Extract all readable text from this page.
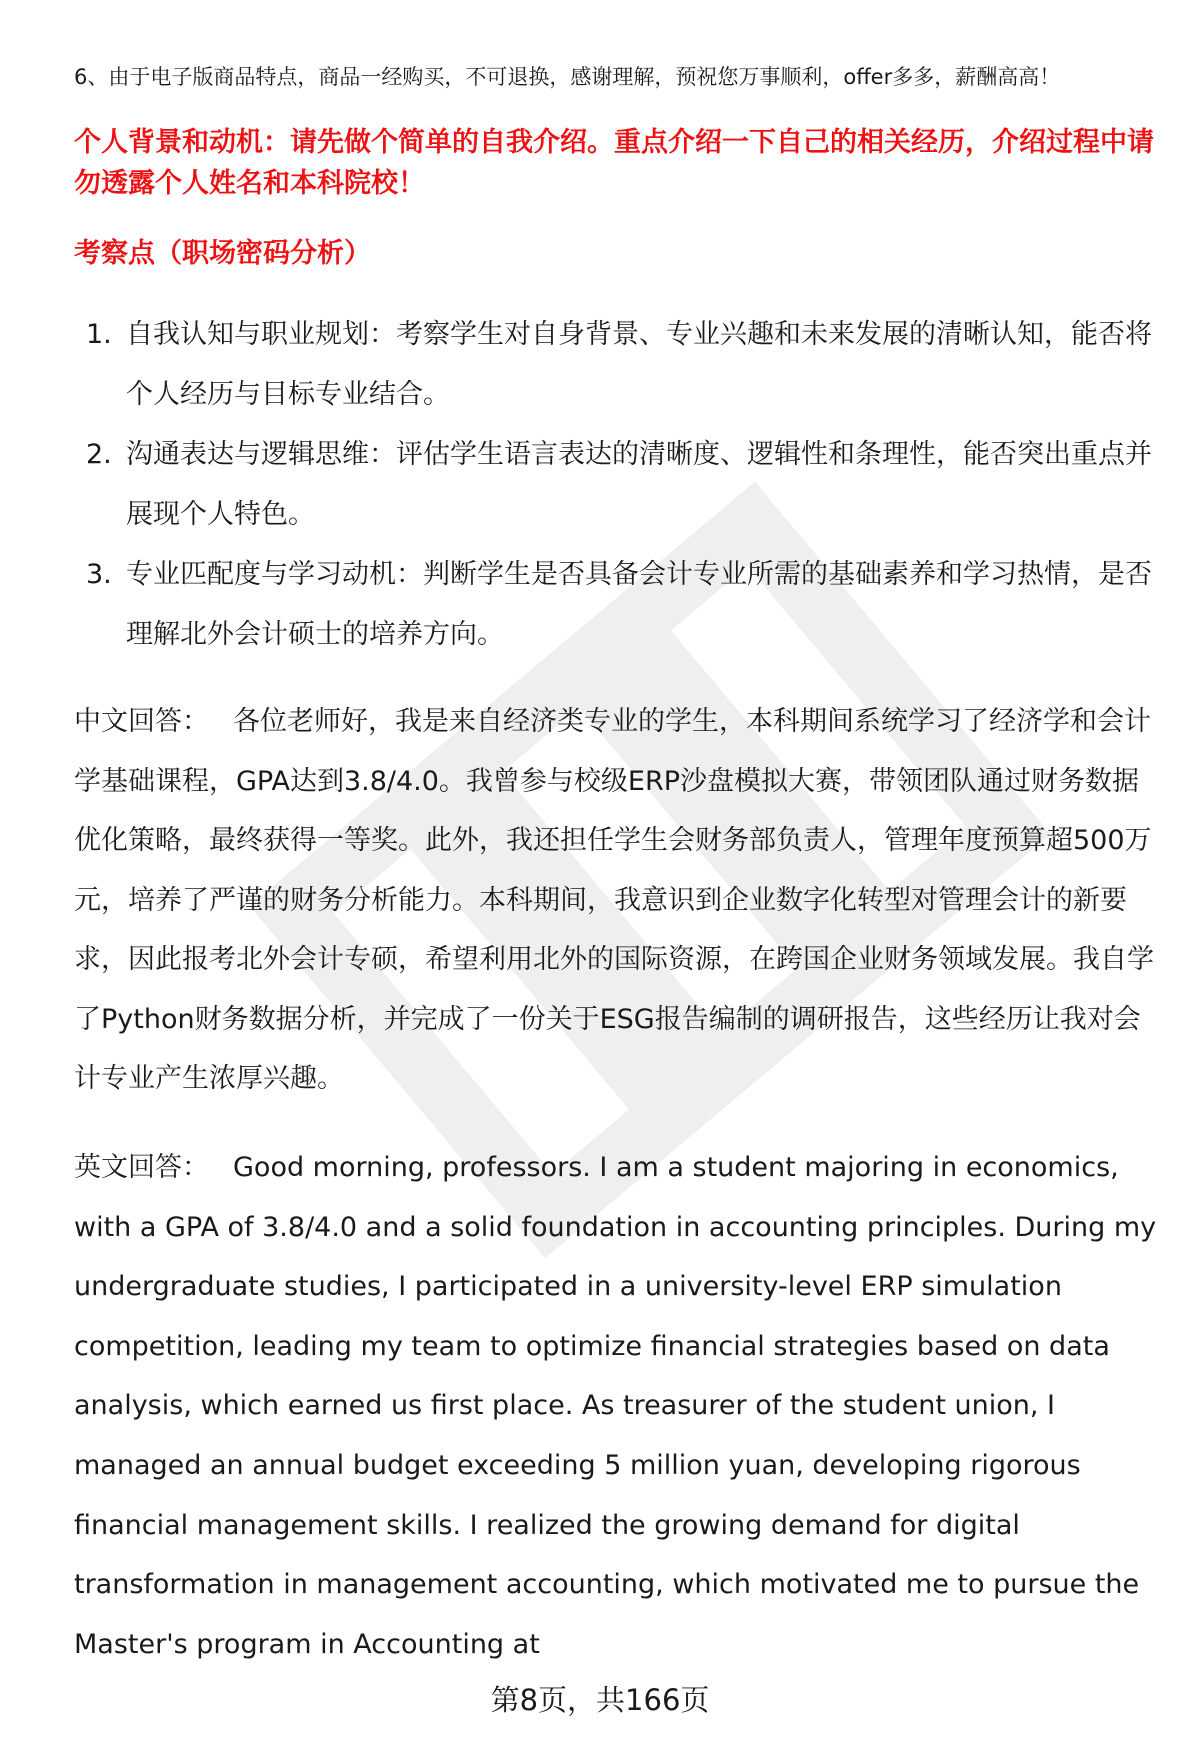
6、由于电子版商品特点，商品一经购买，不可退换，感谢理解，预祝您万事顺利，offer多多，薪酬高高！
个人背景和动机：请先做个简单的自我介绍。重点介绍一下自己的相关经历，介绍过程中请勿透露个人姓名和本科院校！
考察点（职场密码分析）
1. 自我认知与职业规划：考察学生对自身背景、专业兴趣和未来发展的清晰认知，能否将个人经历与目标专业结合。
2. 沟通表达与逻辑思维：评估学生语言表达的清晰度、逻辑性和条理性，能否突出重点并展现个人特色。
3. 专业匹配度与学习动机：判断学生是否具备会计专业所需的基础素养和学习热情，是否理解北外会计硕士的培养方向。

中文回答： 各位老师好，我是来自经济类专业的学生，本科期间系统学习了经济学和会计学基础课程，GPA达到3.8/4.0。我曾参与校级ERP沙盘模拟大赛，带领团队通过财务数据优化策略，最终获得一等奖。此外，我还担任学生会财务部负责人，管理年度预算超500万元，培养了严谨的财务分析能力。本科期间，我意识到企业数字化转型对管理会计的新要求，因此报考北外会计专硕，希望利用北外的国际资源，在跨国企业财务领域发展。我自学了Python财务数据分析，并完成了一份关于ESG报告编制的调研报告，这些经历让我对会计专业产生浓厚兴趣。

英文回答： Good morning, professors. I am a student majoring in economics, with a GPA of 3.8/4.0 and a solid foundation in accounting principles. During my undergraduate studies, I participated in a university-level ERP simulation competition, leading my team to optimize financial strategies based on data analysis, which earned us first place. As treasurer of the student union, I managed an annual budget exceeding 5 million yuan, developing rigorous financial management skills. I realized the growing demand for digital transformation in management accounting, which motivated me to pursue the Master's program in Accounting at

第8页，共166页
